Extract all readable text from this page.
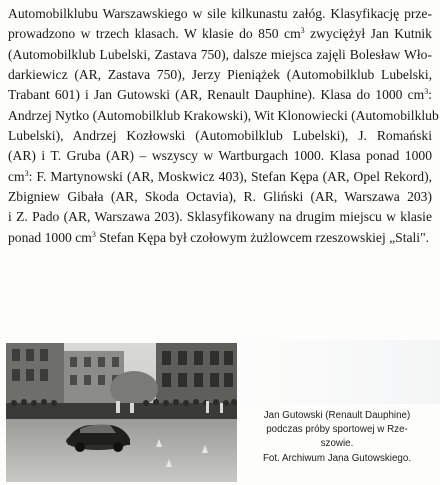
Automobilklubu Warszawskiego w sile kilkunastu załóg. Klasyfikację prze-
prowadzono w trzech klasach. W klasie do 850 $cm^3$ zwyciężył Jan Kutnik
(Automobilklub Lubelski, Zastava 750), dalsze miejsca zajęli Bolesław Wło-
darkiewicz (AR, Zastava 750), Jerzy Pieniążek (Automobilklub Lubelski,
Trabant 601) i Jan Gutowski (AR, Renault Dauphine). Klasa do 1000 $cm^3$:
Andrzej Nytko (Automobilklub Krakowski), Wit Klonowiecki (Automobilklub
Lubelski), Andrzej Kozłowski (Automobilklub Lubelski), J. Romański
(AR) i T. Gruba (AR) – wszyscy w Wartburgach 1000. Klasa ponad 1000
$cm^3$: F. Martynowski (AR, Moskwicz 403), Stefan Kępa (AR, Opel Rekord),
Zbigniew Gibała (AR, Skoda Octavia), R. Gliński (AR, Warszawa 203)
i Z. Pado (AR, Warszawa 203). Sklasyfikowany na drugim miejscu w klasie
ponad 1000 $cm^3$ Stefan Kępa był czołowym żużlowcem rzeszowskiej „Stali".
Jan Gutowski (Renault Dauphine)
podczas próby sportowej w Rze-
szowie.
Fot. Archiwum Jana Gutowskiego.
